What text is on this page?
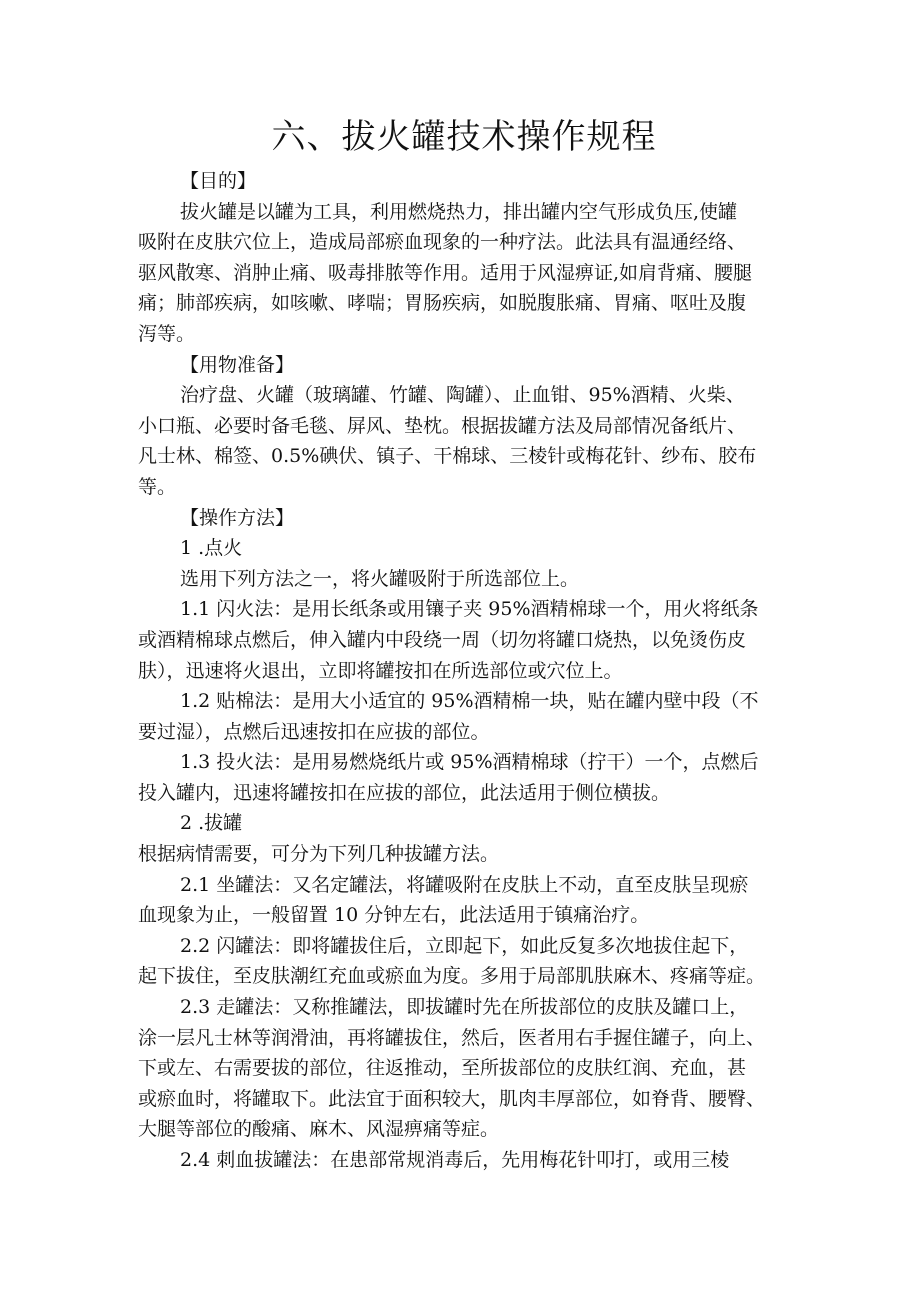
六、拔火罐技术操作规程

【目的】

拔火罐是以罐为工具，利用燃烧热力，排出罐内空气形成负压,使罐

吸附在皮肤穴位上，造成局部瘀血现象的一种疗法。此法具有温通经络、

驱风散寒、消肿止痛、吸毒排脓等作用。适用于风湿痹证,如肩背痛、腰腿

痛；肺部疾病，如咳嗽、哮喘；胃肠疾病，如脱腹胀痛、胃痛、呕吐及腹

泻等。

【用物准备】

治疗盘、火罐（玻璃罐、竹罐、陶罐）、止血钳、95%酒精、火柴、

小口瓶、必要时备毛毯、屏风、垫枕。根据拔罐方法及局部情况备纸片、

凡士林、棉签、0.5%碘伏、镇子、干棉球、三棱针或梅花针、纱布、胶布

等。

【操作方法】

1 .点火

选用下列方法之一，将火罐吸附于所选部位上。

1.1 闪火法：是用长纸条或用镶子夹 95%酒精棉球一个，用火将纸条

或酒精棉球点燃后，伸入罐内中段绕一周（切勿将罐口烧热，以免烫伤皮

肤），迅速将火退出，立即将罐按扣在所选部位或穴位上。

1.2 贴棉法：是用大小适宜的 95%酒精棉一块，贴在罐内壁中段（不

要过湿），点燃后迅速按扣在应拔的部位。

1.3 投火法：是用易燃烧纸片或 95%酒精棉球（拧干）一个，点燃后

投入罐内，迅速将罐按扣在应拔的部位，此法适用于侧位横拔。

2 .拔罐

根据病情需要，可分为下列几种拔罐方法。

2.1 坐罐法：又名定罐法，将罐吸附在皮肤上不动，直至皮肤呈现瘀

血现象为止，一般留置 10 分钟左右，此法适用于镇痛治疗。

2.2 闪罐法：即将罐拔住后，立即起下，如此反复多次地拔住起下，

起下拔住，至皮肤潮红充血或瘀血为度。多用于局部肌肤麻木、疼痛等症。

2.3 走罐法：又称推罐法，即拔罐时先在所拔部位的皮肤及罐口上，

涂一层凡士林等润滑油，再将罐拔住，然后，医者用右手握住罐子，向上、

下或左、右需要拔的部位，往返推动，至所拔部位的皮肤红润、充血，甚

或瘀血时，将罐取下。此法宜于面积较大，肌肉丰厚部位，如脊背、腰臀、

大腿等部位的酸痛、麻木、风湿痹痛等症。

2.4 刺血拔罐法：在患部常规消毒后，先用梅花针叩打，或用三棱
